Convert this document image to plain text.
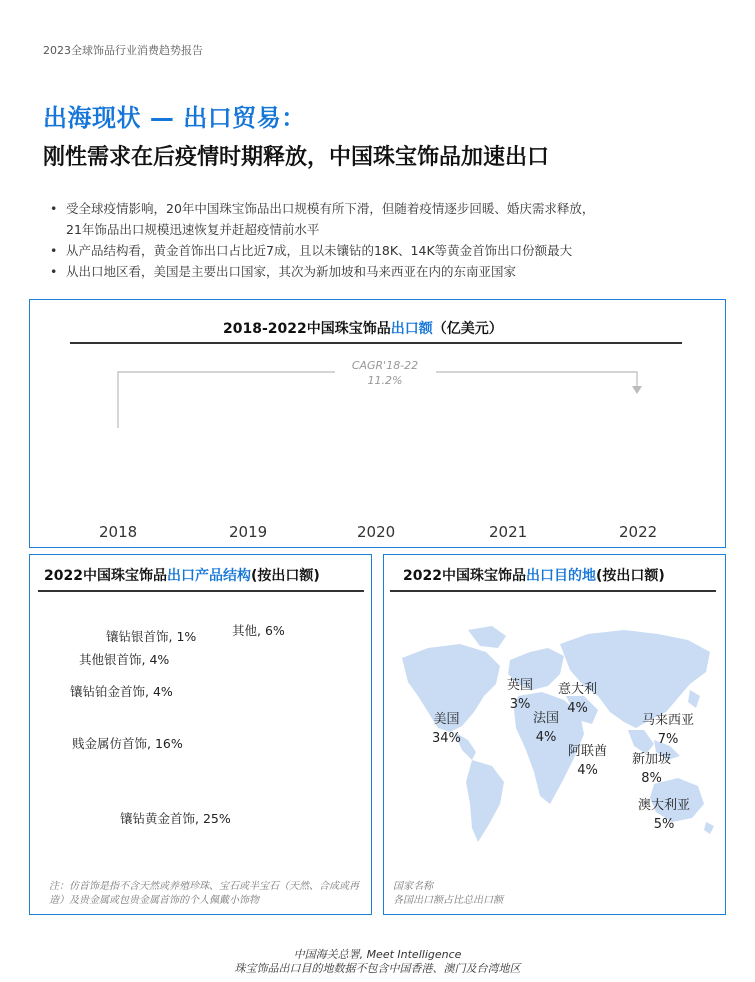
2023全球饰品行业消费趋势报告
出海现状 — 出口贸易：
刚性需求在后疫情时期释放，中国珠宝饰品加速出口
• 受全球疫情影响，20年中国珠宝饰品出口规模有所下滑，但随着疫情逐步回暖、婚庆需求释放，
21年饰品出口规模迅速恢复并赶超疫情前水平
• 从产品结构看，黄金首饰出口占比近7成，且以未镶钻的18K、14K等黄金首饰出口份额最大
• 从出口地区看，美国是主要出口国家，其次为新加坡和马来西亚在内的东南亚国家
2018-2022中国珠宝饰品出口额（亿美元）
CAGR'18-22
11.2%
2018	2019	2020	2021	2022
2022中国珠宝饰品出口产品结构(按出口额)
其他, 6%
镶钻银首饰, 1%
其他银首饰, 4%
镶钻铂金首饰, 4%
贱金属仿首饰, 16%
镶钻黄金首饰, 25%
注：仿首饰是指不含天然或养殖珍珠、宝石或半宝石（天然、合成或再造）及贵金属或包贵金属首饰的个人佩戴小饰物
2022中国珠宝饰品出口目的地(按出口额)
美国
34%
英国
3%
意大利
4%
法国
4%
阿联酋
4%
马来西亚
7%
新加坡
8%
澳大利亚
5%
国家名称
各国出口额占比总出口额
中国海关总署, Meet Intelligence
珠宝饰品出口目的地数据不包含中国香港、澳门及台湾地区
